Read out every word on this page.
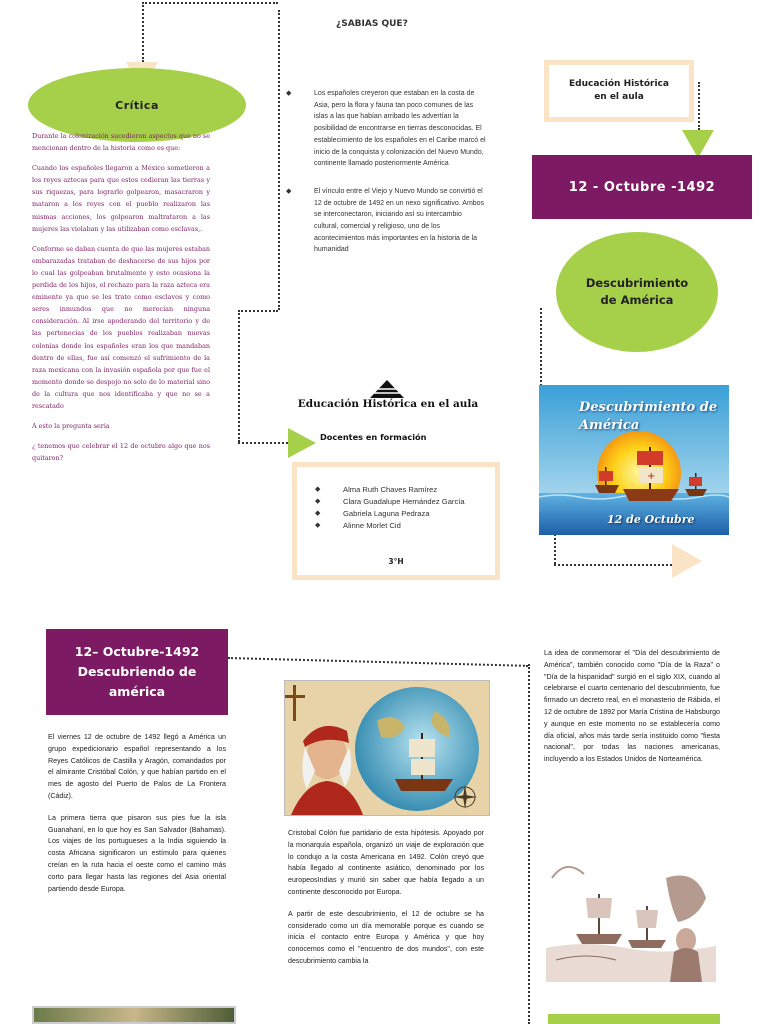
¿SABIAS QUE?
Crítica

Durante la colonización sucedieron aspectos que no se mencionan dentro de la historia como es que:

Cuando los españoles llegaron a México sometieron a los reyes aztecas para que estos cedieran las tierras y sus riquezas, para lograrlo golpearon, masacraron y mataron a los reyes con el pueblo realizaron las mismas acciones, los golpearon maltrataron a las mujeres las violaban y las utilizaban como esclavas,.

Conforme se daban cuenta de que las mujeres estaban embarazadas trataban de deshacerse de sus hijos por lo cual las golpeaban brutalmente y esto ocasiona la perdida de los hijos, el rechazo para la raza azteca era eminente ya que se les trato como esclavos y como seres inmundos que no merecían ninguna consideración. Al irse apoderando del territorio y de las pertenecías de los pueblos realizaban nuevas colonias donde los españoles eran los que mandaban dentro de ellas, fue así comenzó el sufrimiento de la raza mexicana con la invasión española por que fue el momento donde se despojo no solo de lo material sino de la cultura que nos identificaba y que no se a rescatado

A esto la pregunta seria

¿ tenemos que celebrar el 12 de octubre algo que nos quitaron?

◆ Los españoles creyeron que estaban en la costa de Asia, pero la flora y fauna tan poco comunes de las islas a las que habían arribado les advertían la posibilidad de encontrarse en tierras desconocidas. El establecimiento de los españoles en el Caribe marcó el inicio de la conquista y colonización del Nuevo Mundo, continente llamado posteriormente América
◆ El vínculo entre el Viejo y Nuevo Mundo se convirtió el 12 de octubre de 1492 en un nexo significativo. Ambos se interconectaron, iniciando así su intercambio cultural, comercial y religioso, uno de los acontecimientos más importantes en la historia de la humanidad
Educación Histórica en el aula
Docentes en formación
◆ Alma Ruth Chaves Ramírez
◆ Clara Guadalupe Hernández García
◆ Gabriela Laguna Pedraza
◆ Alinne Morlet Cid
3°H
Educación Histórica en el aula
12 - Octubre -1492
Descubrimiento de América
+
Descubrimiento de América
12 de Octubre
12– Octubre-1492 Descubriendo de américa

El viernes 12 de octubre de 1492 llegó a América un grupo expedicionario español representando a los Reyes Católicos de Castilla y Aragón, comandados por el almirante Cristóbal Colón, y que habían partido en el mes de agosto del Puerto de Palos de La Frontera (Cádiz).

La primera tierra que pisaron sus pies fue la isla Guanahaní, en lo que hoy es San Salvador (Bahamas). Los viajes de los portugueses a la India siguiendo la costa Africana significaron un estímulo para quienes creían en la ruta hacia el oeste como el camino más corto para llegar hasta las regiones del Asia oriental partiendo desde Europa.

Cristobal Colón fue partidario de esta hipótesis. Apoyado por la monarquía española, organizó un viaje de exploración que lo condujo a la costa Americana en 1492. Colón creyó que había llegado al continente asiático, denominado por los europeosIndias y murió sin saber que había llegado a un continente desconocido por Europa.

A partir de este descubrimiento, el 12 de octubre se ha considerado como un día memorable porque es cuando se inicia el contacto entre Europa y América y que hoy conocemos como el "encuentro de dos mundos", con este descubrimiento cambia la

La idea de conmemorar el "Día del descubrimiento de América", también conocido como "Día de la Raza" o "Día de la hispanidad" surgió en el siglo XIX, cuando al celebrarse el cuarto centenario del descubrimiento, fue firmado un decreto real, en el monasterio de Rábida, el 12 de octubre de 1892 por María Cristina de Habsburgo y aunque en este momento no se establecería como día oficial, años más tarde sería instituido como "fiesta nacional", por todas las naciones americanas, incluyendo a los Estados Unidos de Norteamérica.
